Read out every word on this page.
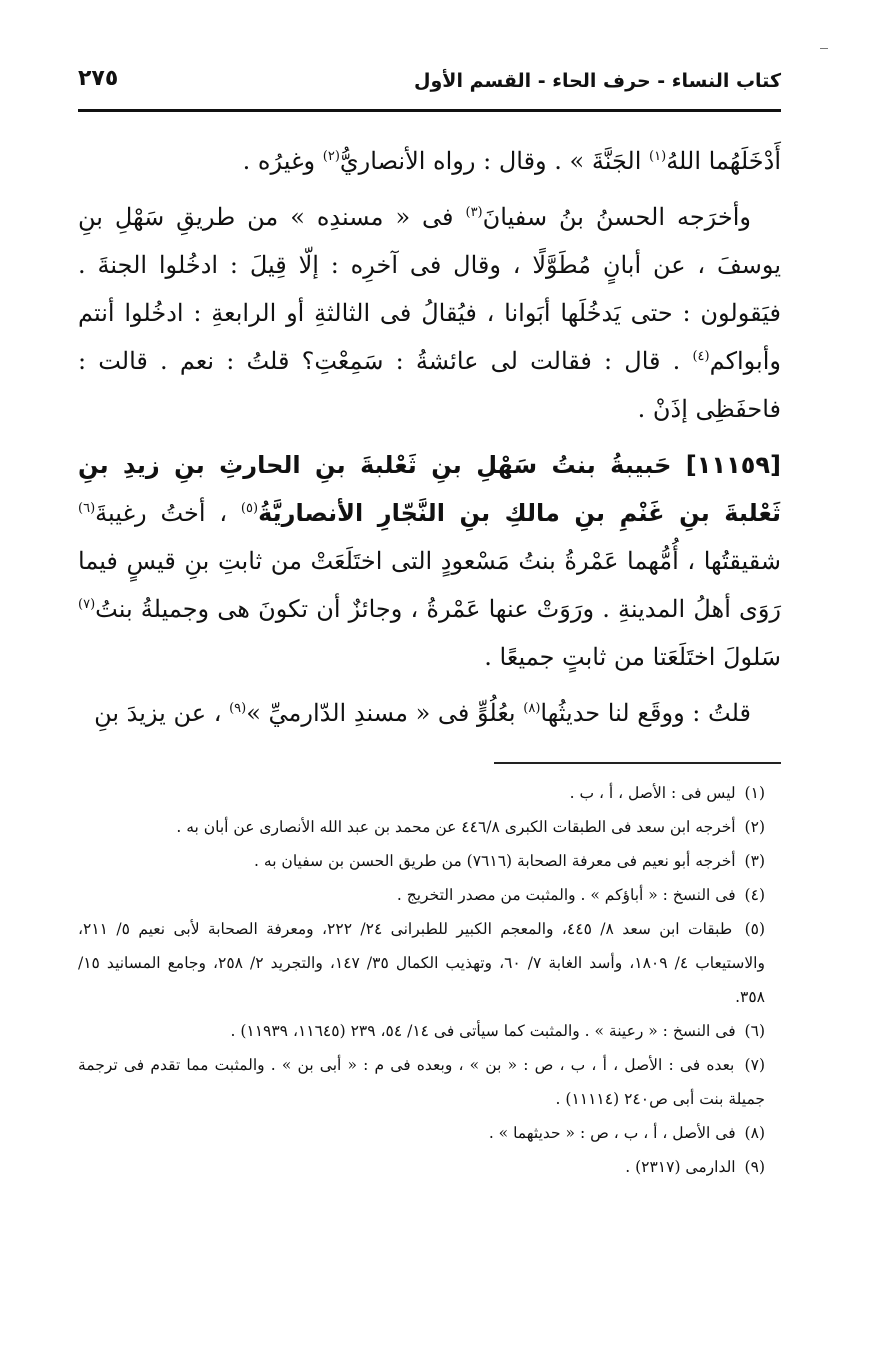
كتاب النساء - حرف الحاء - القسم الأول
٢٧٥

أَدْخَلَهُما اللهُ$^{(١)}$ الجَنَّةَ » . وقال : رواه الأنصاريُّ$^{(٢)}$ وغيرُه .

وأخرَجه الحسنُ بنُ سفيانَ$^{(٣)}$ فى « مسندِه » من طريقِ سَهْلِ بنِ يوسفَ ، عن أبانٍ مُطَوَّلًا ، وقال فى آخرِه : إلّا قِيلَ : ادخُلوا الجنةَ . فيَقولون : حتى يَدخُلَها أبَوانا ، فيُقالُ فى الثالثةِ أو الرابعةِ : ادخُلوا أنتم وأبواكم$^{(٤)}$ . قال : فقالت لى عائشةُ : سَمِعْتِ؟ قلتُ : نعم . قالت : فاحفَظِى إذَنْ .

[١١١٥٩] حَبيبةُ بنتُ سَهْلِ بنِ ثَعْلبةَ بنِ الحارثِ بنِ زيدِ بنِ ثَعْلبةَ بنِ غَنْمِ بنِ مالكِ بنِ النَّجّارِ الأنصاريَّةُ$^{(٥)}$ ، أختُ رغيبةَ$^{(٦)}$ شقيقتُها ، أُمُّهما عَمْرةُ بنتُ مَسْعودٍ التى اختَلَعَتْ من ثابتِ بنِ قيسٍ فيما رَوَى أهلُ المدينةِ . ورَوَتْ عنها عَمْرةُ ، وجائزٌ أن تكونَ هى وجميلةُ بنتُ$^{(٧)}$ سَلولَ اختَلَعَتا من ثابتٍ جميعًا .

قلتُ : ووقَع لنا حديثُها$^{(٨)}$ بعُلُوٍّ فى « مسندِ الدّارميِّ »$^{(٩)}$ ، عن يزيدَ بنِ

(١) ليس فى : الأصل ، أ ، ب .

(٢) أخرجه ابن سعد فى الطبقات الكبرى ٤٤٦/٨ عن محمد بن عبد الله الأنصارى عن أبان به .

(٣) أخرجه أبو نعيم فى معرفة الصحابة (٧٦١٦) من طريق الحسن بن سفيان به .

(٤) فى النسخ : « أباؤكم » . والمثبت من مصدر التخريج .

(٥) طبقات ابن سعد ٨/ ٤٤٥، والمعجم الكبير للطبرانى ٢٤/ ٢٢٢، ومعرفة الصحابة لأبى نعيم ٥/ ٢١١، والاستيعاب ٤/ ١٨٠٩، وأسد الغابة ٧/ ٦٠، وتهذيب الكمال ٣٥/ ١٤٧، والتجريد ٢/ ٢٥٨، وجامع المسانيد ١٥/ ٣٥٨.

(٦) فى النسخ : « رعينة » . والمثبت كما سيأتى فى ١٤/ ٥٤، ٢٣٩ (١١٦٤٥، ١١٩٣٩) .

(٧) بعده فى : الأصل ، أ ، ب ، ص : « بن » ، وبعده فى م : « أبى بن » . والمثبت مما تقدم فى ترجمة جميلة بنت أبى ص٢٤٠ (١١١١٤) .

(٨) فى الأصل ، أ ، ب ، ص : « حديثهما » .

(٩) الدارمى (٢٣١٧) .
